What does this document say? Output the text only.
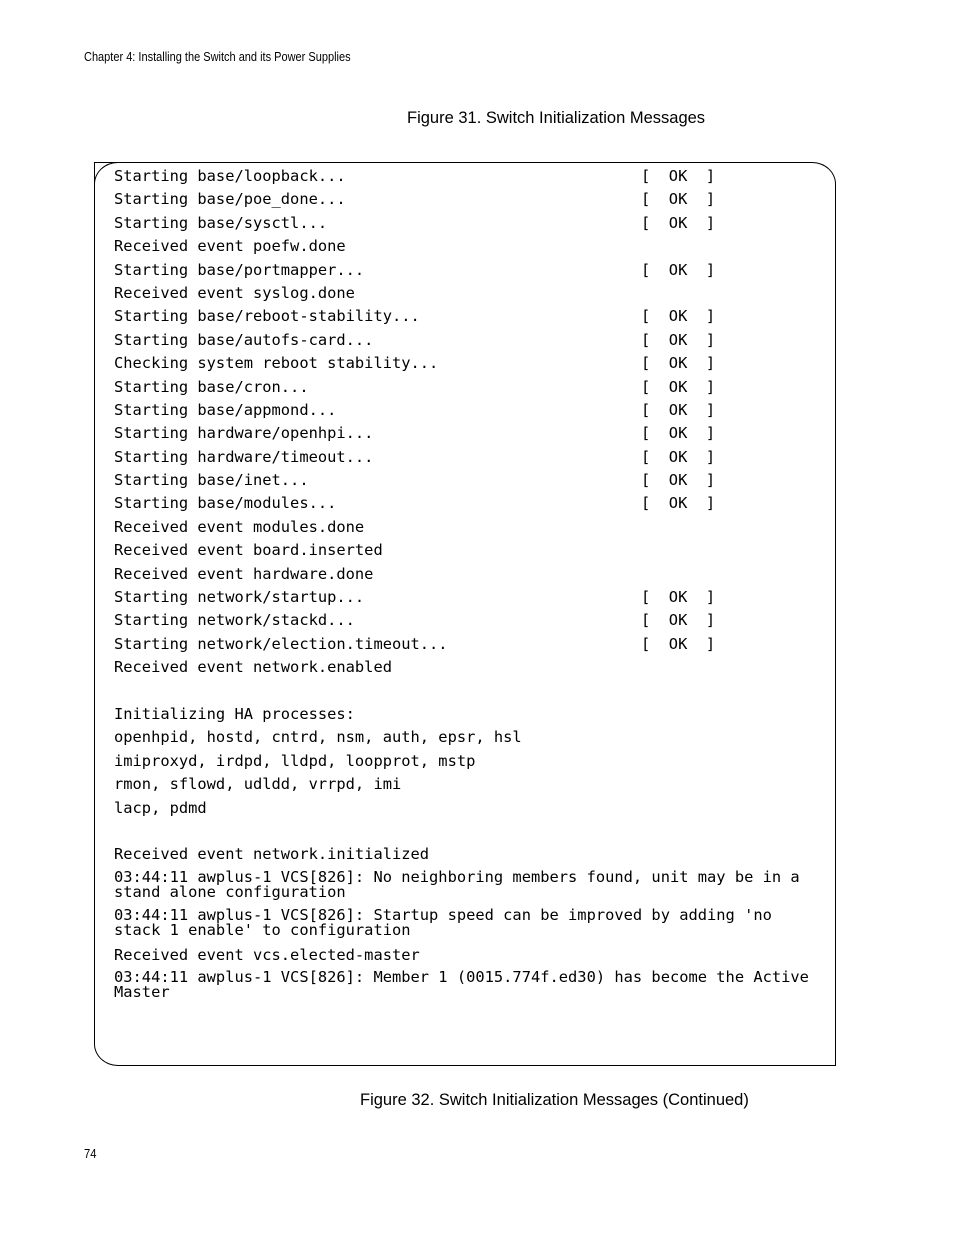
Chapter 4: Installing the Switch and its Power Supplies
Figure 31. Switch Initialization Messages
Starting base/loopback...	[  OK  ]
Starting base/poe_done...	[  OK  ]
Starting base/sysctl...	[  OK  ]
Received event poefw.done
Starting base/portmapper...	[  OK  ]
Received event syslog.done
Starting base/reboot-stability...	[  OK  ]
Starting base/autofs-card...	[  OK  ]
Checking system reboot stability...	[  OK  ]
Starting base/cron...	[  OK  ]
Starting base/appmond...	[  OK  ]
Starting hardware/openhpi...	[  OK  ]
Starting hardware/timeout...	[  OK  ]
Starting base/inet...	[  OK  ]
Starting base/modules...	[  OK  ]
Received event modules.done
Received event board.inserted
Received event hardware.done
Starting network/startup...	[  OK  ]
Starting network/stackd...	[  OK  ]
Starting network/election.timeout...	[  OK  ]
Received event network.enabled
Initializing HA processes:
openhpid, hostd, cntrd, nsm, auth, epsr, hsl
imiproxyd, irdpd, lldpd, loopprot, mstp
rmon, sflowd, udldd, vrrpd, imi
lacp, pdmd
Received event network.initialized
03:44:11 awplus-1 VCS[826]: No neighboring members found, unit may be in a stand alone configuration
03:44:11 awplus-1 VCS[826]: Startup speed can be improved by adding 'no stack 1 enable' to configuration
Received event vcs.elected-master
03:44:11 awplus-1 VCS[826]: Member 1 (0015.774f.ed30) has become the Active Master
Figure 32. Switch Initialization Messages (Continued)
74
